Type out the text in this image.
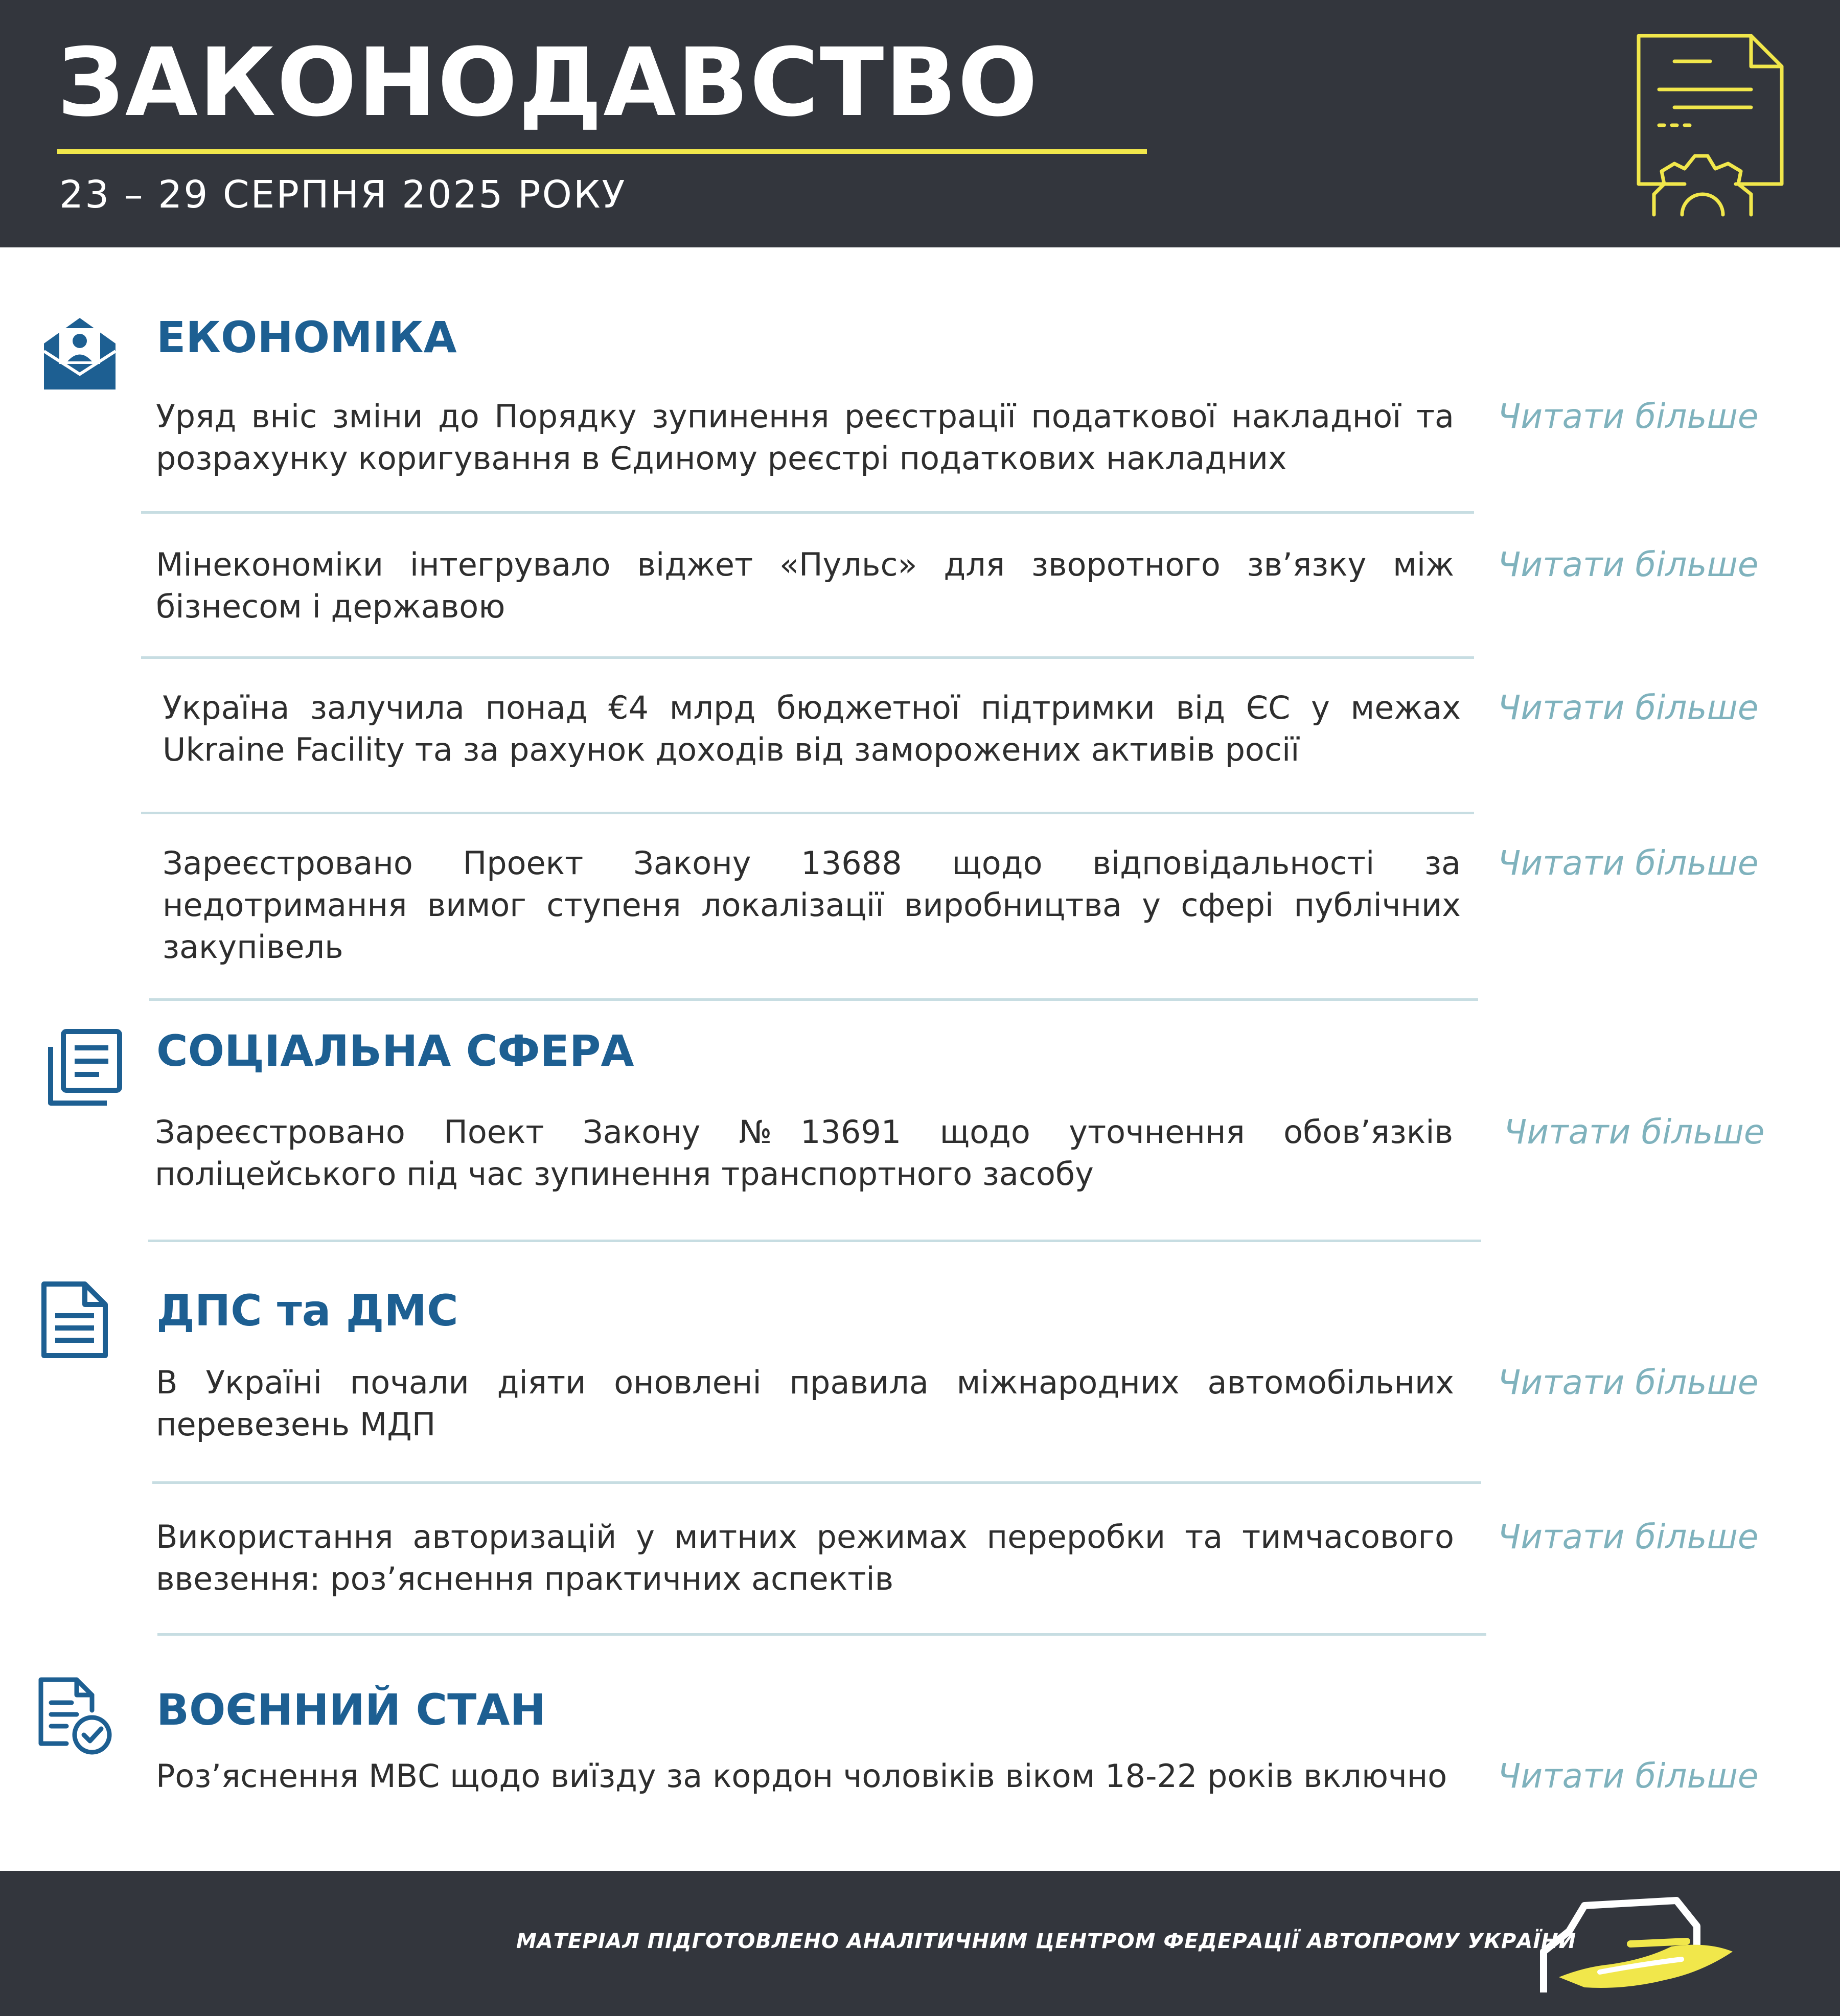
ЗАКОНОДАВСТВО
23 – 29 СЕРПНЯ 2025 РОКУ
ЕКОНОМІКА
Уряд вніс зміни до Порядку зупинення реєстрації податкової накладної та розрахунку коригування в Єдиному реєстрі податкових накладних
Читати більше
Мінекономіки інтегрувало віджет «Пульс» для зворотного зв’язку між бізнесом і державою
Читати більше
Україна залучила понад €4 млрд бюджетної підтримки від ЄС у межах Ukraine Facility та за рахунок доходів від заморожених активів росії
Читати більше
Зареєстровано Проект Закону 13688 щодо відповідальності за недотримання вимог ступеня локалізації виробництва у сфері публічних закупівель
Читати більше
СОЦІАЛЬНА СФЕРА
Зареєстровано Поект Закону №13691 щодо уточнення обов’язків поліцейського під час зупинення транспортного засобу
Читати більше
ДПС та ДМС
В Україні почали діяти оновлені правила міжнародних автомобільних перевезень МДП
Читати більше
Використання авторизацій у митних режимах переробки та тимчасового ввезення: роз’яснення практичних аспектів
Читати більше
ВОЄННИЙ СТАН
Роз’яснення МВС щодо виїзду за кордон чоловіків віком 18-22 років включно Читати більше
МАТЕРІАЛ ПІДГОТОВЛЕНО АНАЛІТИЧНИМ ЦЕНТРОМ ФЕДЕРАЦІЇ АВТОПРОМУ УКРАЇНИ
